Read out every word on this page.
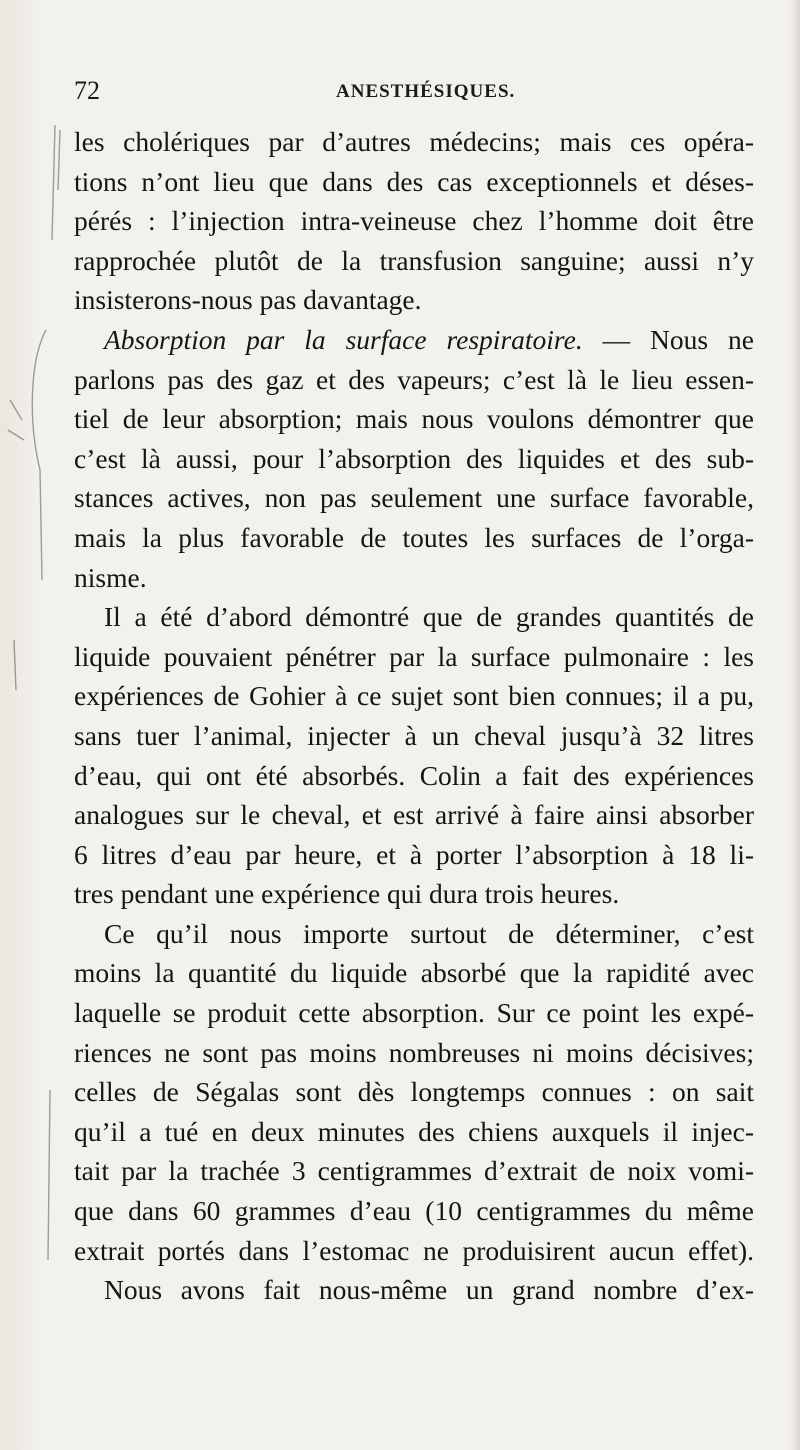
72	ANESTHÉSIQUES.
les cholériques par d’autres médecins; mais ces opéra-
tions n’ont lieu que dans des cas exceptionnels et déses-
pérés : l’injection intra-veineuse chez l’homme doit être
rapprochée plutôt de la transfusion sanguine; aussi n’y
insisterons-nous pas davantage.
Absorption par la surface respiratoire. — Nous ne
parlons pas des gaz et des vapeurs; c’est là le lieu essen-
tiel de leur absorption; mais nous voulons démontrer que
c’est là aussi, pour l’absorption des liquides et des sub-
stances actives, non pas seulement une surface favorable,
mais la plus favorable de toutes les surfaces de l’orga-
nisme.
Il a été d’abord démontré que de grandes quantités de
liquide pouvaient pénétrer par la surface pulmonaire : les
expériences de Gohier à ce sujet sont bien connues; il a pu,
sans tuer l’animal, injecter à un cheval jusqu’à 32 litres
d’eau, qui ont été absorbés. Colin a fait des expériences
analogues sur le cheval, et est arrivé à faire ainsi absorber
6 litres d’eau par heure, et à porter l’absorption à 18 li-
tres pendant une expérience qui dura trois heures.
Ce qu’il nous importe surtout de déterminer, c’est
moins la quantité du liquide absorbé que la rapidité avec
laquelle se produit cette absorption. Sur ce point les expé-
riences ne sont pas moins nombreuses ni moins décisives;
celles de Ségalas sont dès longtemps connues : on sait
qu’il a tué en deux minutes des chiens auxquels il injec-
tait par la trachée 3 centigrammes d’extrait de noix vomi-
que dans 60 grammes d’eau (10 centigrammes du même
extrait portés dans l’estomac ne produisirent aucun effet).
Nous avons fait nous-même un grand nombre d’ex-
